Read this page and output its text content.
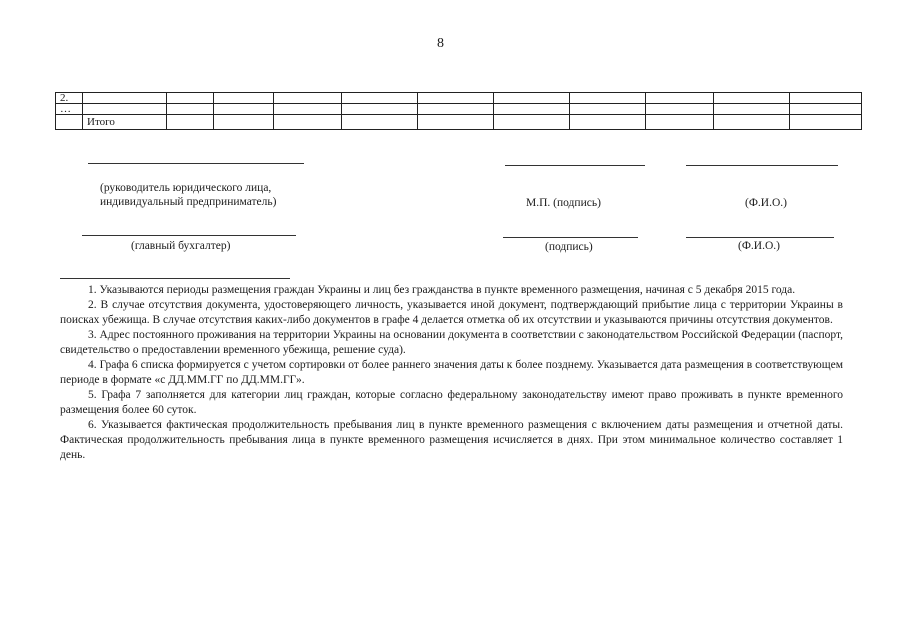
8
2.											
…											
	Итого										
(руководитель юридического лица,
индивидуальный предприниматель)	М.П. (подпись)	(Ф.И.О.)
(главный бухгалтер)	(подпись)	(Ф.И.О.)

1. Указываются периоды размещения граждан Украины и лиц без гражданства в пункте временного размещения, начиная с 5 декабря 2015 года.

2. В случае отсутствия документа, удостоверяющего личность, указывается иной документ, подтверждающий прибытие лица с территории Украины в поисках убежища. В случае отсутствия каких-либо документов в графе 4 делается отметка об их отсутствии и указываются причины отсутствия документов.

3. Адрес постоянного проживания на территории Украины на основании документа в соответствии с законодательством Российской Федерации (паспорт, свидетельство о предоставлении временного убежища, решение суда).

4. Графа 6 списка формируется с учетом сортировки от более раннего значения даты к более позднему. Указывается дата размещения в соответствующем периоде в формате «с ДД.ММ.ГГ по ДД.ММ.ГГ».

5. Графа 7 заполняется для категории лиц граждан, которые согласно федеральному законодательству имеют право проживать в пункте временного размещения более 60 суток.

6. Указывается фактическая продолжительность пребывания лиц в пункте временного размещения с включением даты размещения и отчетной даты. Фактическая продолжительность пребывания лица в пункте временного размещения исчисляется в днях. При этом минимальное количество составляет 1 день.
